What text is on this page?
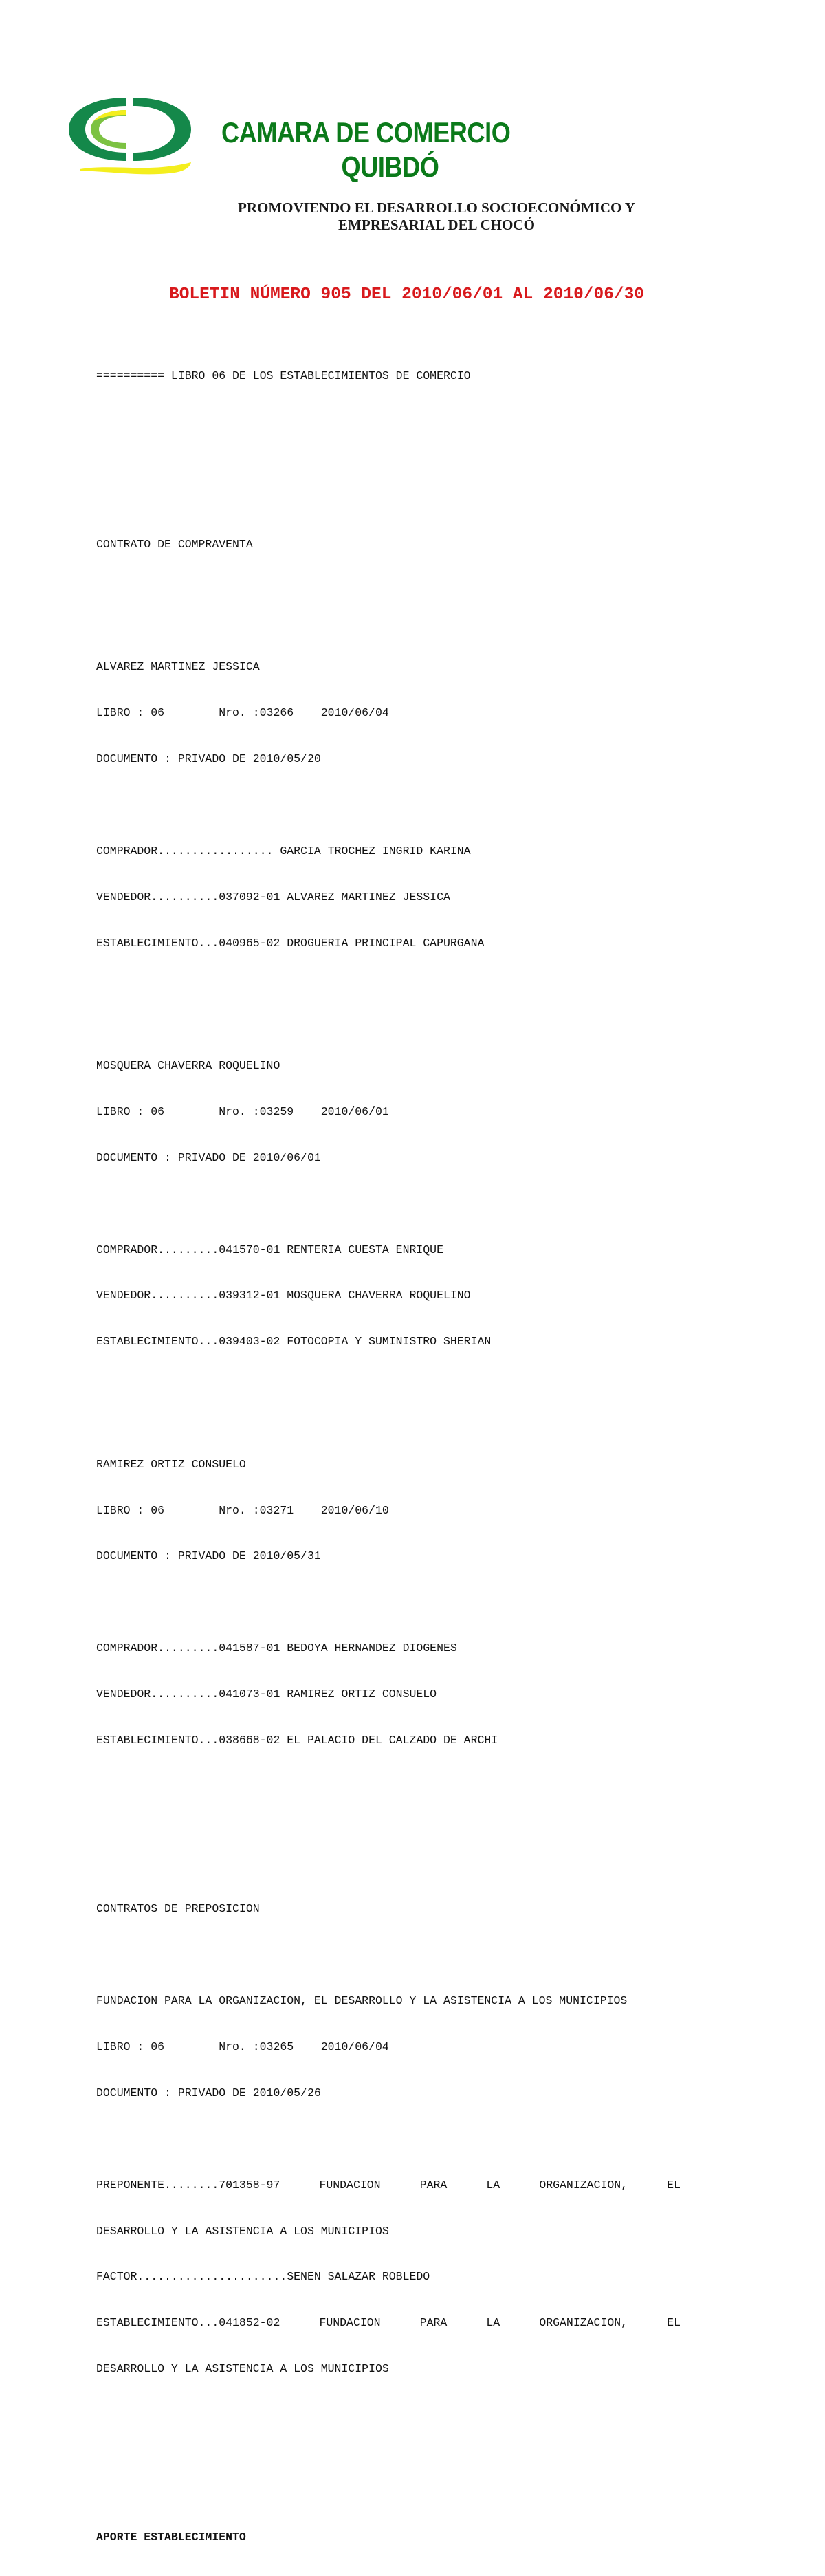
CAMARA DE COMERCIO
QUIBDÓ
PROMOVIENDO EL DESARROLLO SOCIOECONÓMICO Y
EMPRESARIAL DEL CHOCÓ
BOLETIN NÚMERO 905 DEL 2010/06/01 AL 2010/06/30

========== LIBRO 06 DE LOS ESTABLECIMIENTOS DE COMERCIO

CONTRATO DE COMPRAVENTA

ALVAREZ MARTINEZ JESSICA

LIBRO : 06        Nro. :03266    2010/06/04

DOCUMENTO : PRIVADO DE 2010/05/20

COMPRADOR................. GARCIA TROCHEZ INGRID KARINA

VENDEDOR..........037092-01 ALVAREZ MARTINEZ JESSICA

ESTABLECIMIENTO...040965-02 DROGUERIA PRINCIPAL CAPURGANA

MOSQUERA CHAVERRA ROQUELINO

LIBRO : 06        Nro. :03259    2010/06/01

DOCUMENTO : PRIVADO DE 2010/06/01

COMPRADOR.........041570-01 RENTERIA CUESTA ENRIQUE

VENDEDOR..........039312-01 MOSQUERA CHAVERRA ROQUELINO

ESTABLECIMIENTO...039403-02 FOTOCOPIA Y SUMINISTRO SHERIAN

RAMIREZ ORTIZ CONSUELO

LIBRO : 06        Nro. :03271    2010/06/10

DOCUMENTO : PRIVADO DE 2010/05/31

COMPRADOR.........041587-01 BEDOYA HERNANDEZ DIOGENES

VENDEDOR..........041073-01 RAMIREZ ORTIZ CONSUELO

ESTABLECIMIENTO...038668-02 EL PALACIO DEL CALZADO DE ARCHI

CONTRATOS DE PREPOSICION

FUNDACION PARA LA ORGANIZACION, EL DESARROLLO Y LA ASISTENCIA A LOS MUNICIPIOS

LIBRO : 06        Nro. :03265    2010/06/04

DOCUMENTO : PRIVADO DE 2010/05/26

PREPONENTE........701358-97	FUNDACION	PARA	LA	ORGANIZACION,	EL

DESARROLLO Y LA ASISTENCIA A LOS MUNICIPIOS

FACTOR......................SENEN SALAZAR ROBLEDO

ESTABLECIMIENTO...041852-02	FUNDACION	PARA	LA	ORGANIZACION,	EL

DESARROLLO Y LA ASISTENCIA A LOS MUNICIPIOS

APORTE ESTABLECIMIENTO
